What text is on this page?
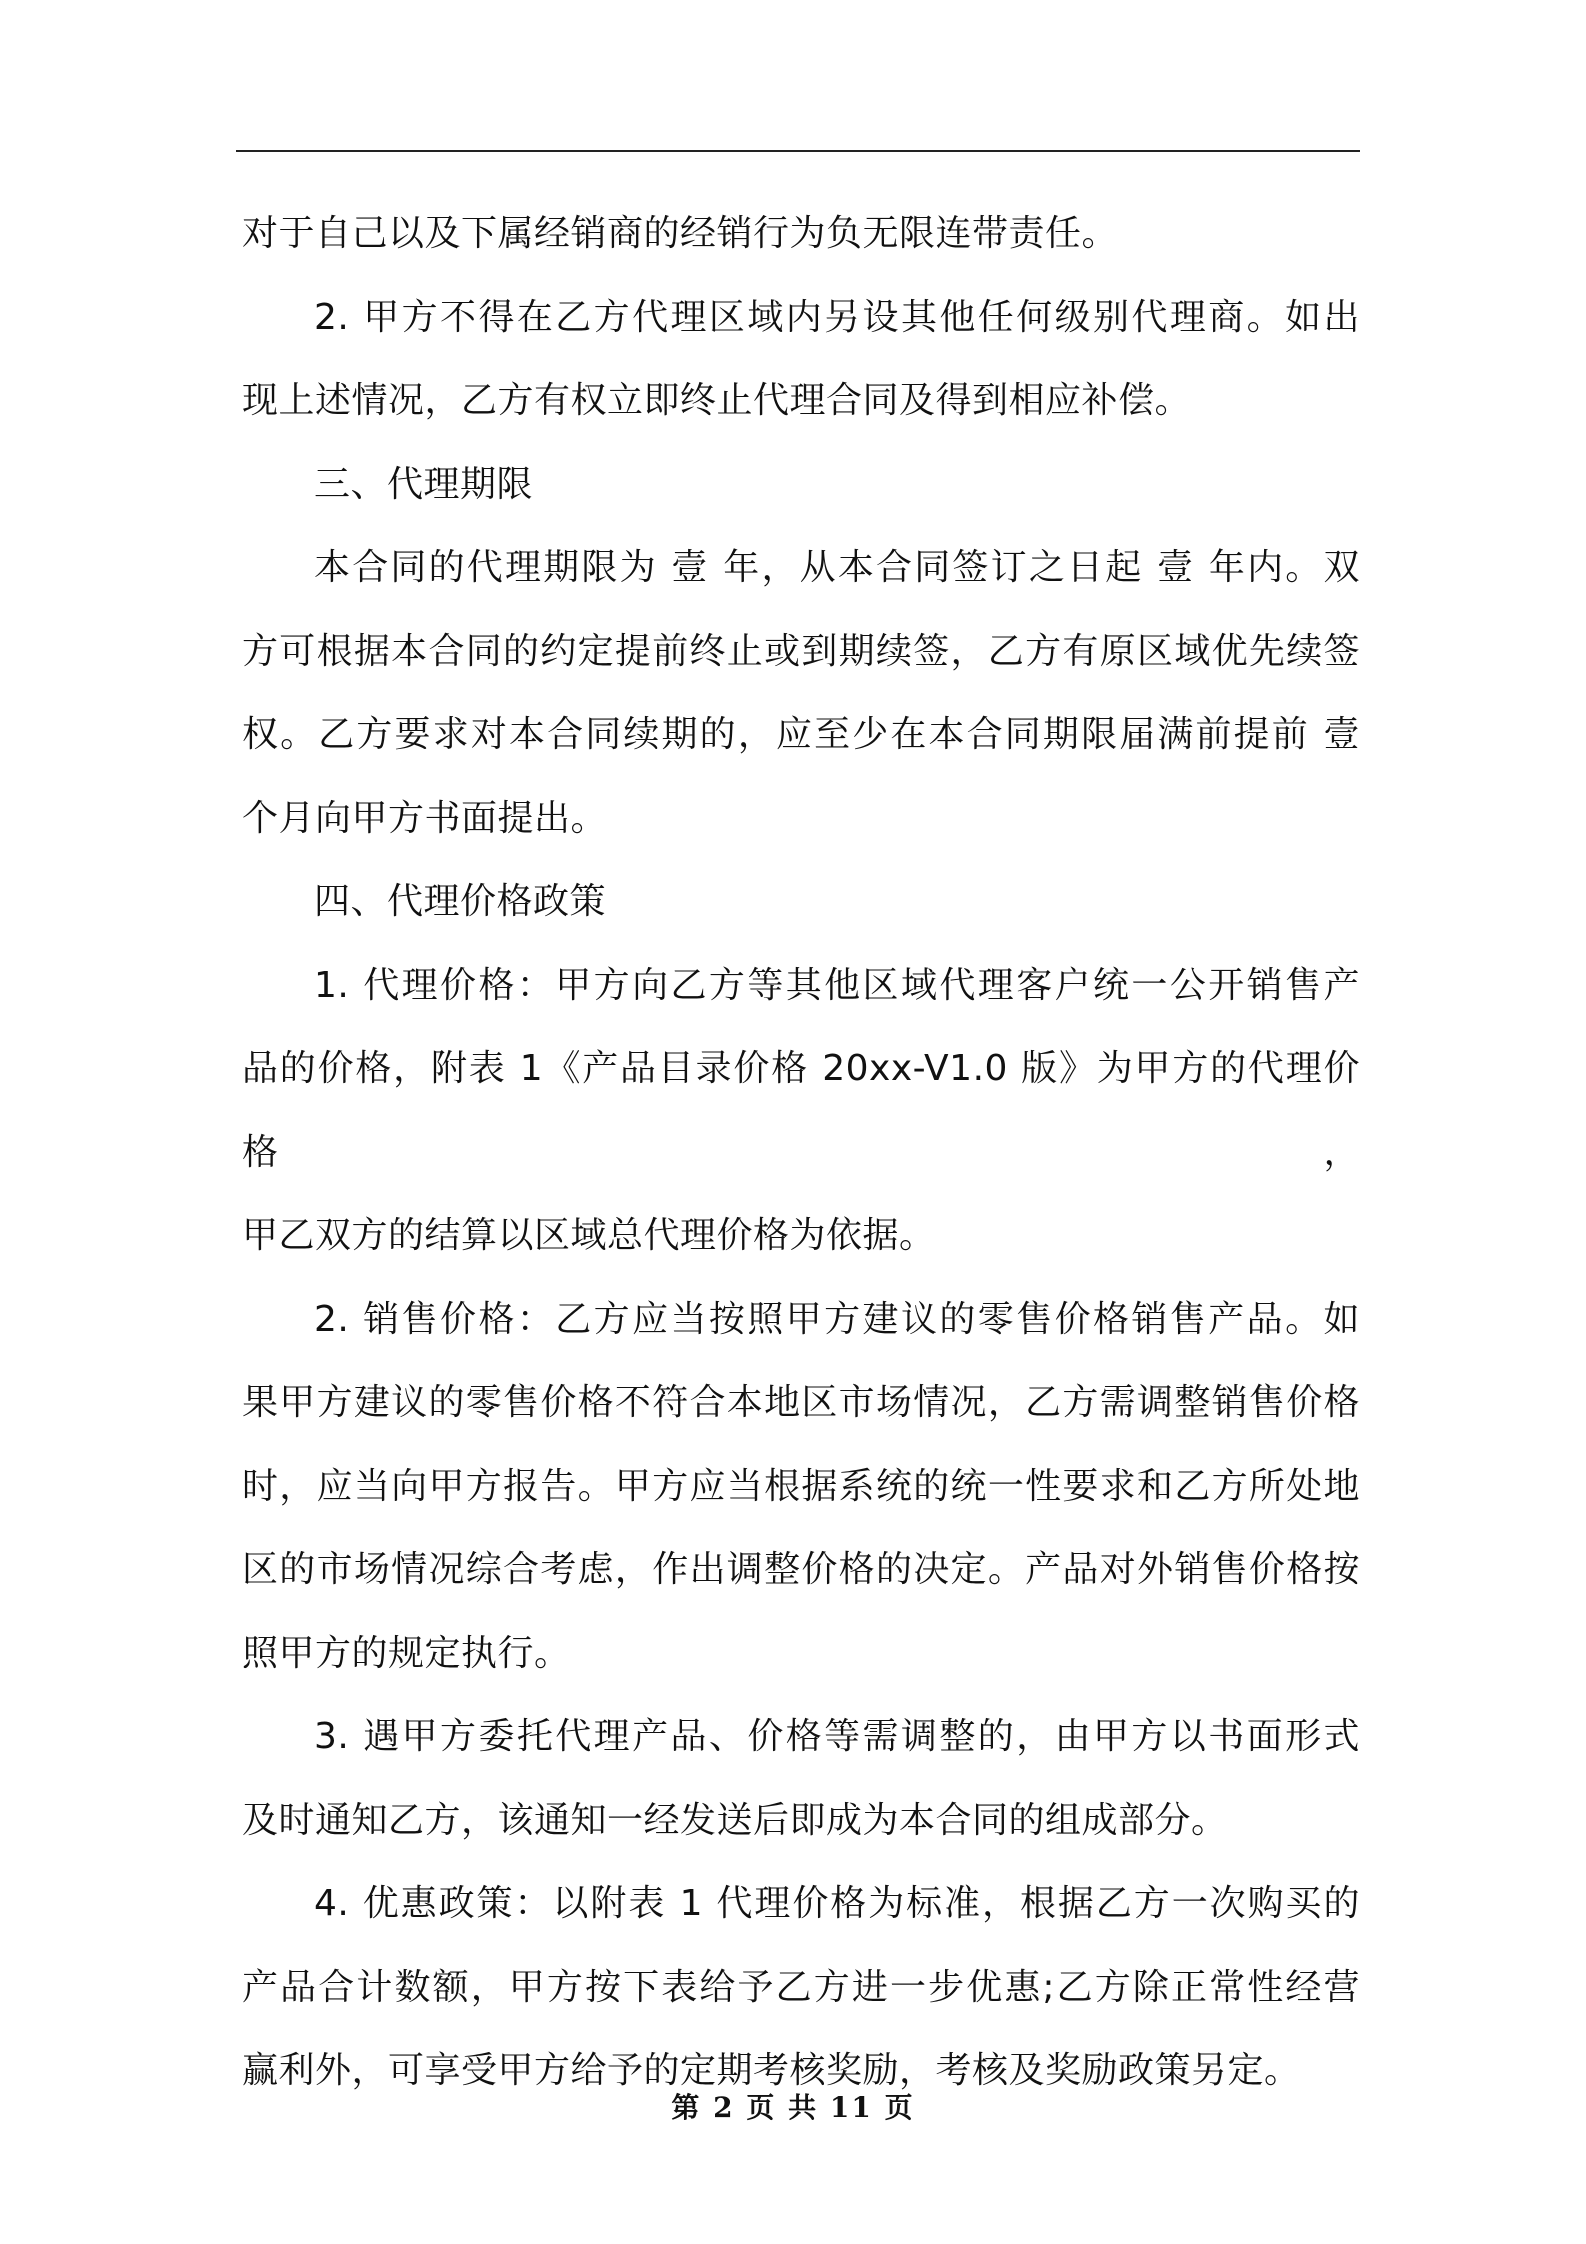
对于自己以及下属经销商的经销行为负无限连带责任。

2. 甲方不得在乙方代理区域内另设其他任何级别代理商。如出
现上述情况，乙方有权立即终止代理合同及得到相应补偿。

三、代理期限

本合同的代理期限为 壹 年，从本合同签订之日起 壹 年内。双
方可根据本合同的约定提前终止或到期续签，乙方有原区域优先续签
权。乙方要求对本合同续期的，应至少在本合同期限届满前提前 壹
个月向甲方书面提出。

四、代理价格政策

1. 代理价格：甲方向乙方等其他区域代理客户统一公开销售产
品的价格，附表 1《产品目录价格 20xx-V1.0 版》为甲方的代理价格，
甲乙双方的结算以区域总代理价格为依据。

2. 销售价格：乙方应当按照甲方建议的零售价格销售产品。如
果甲方建议的零售价格不符合本地区市场情况，乙方需调整销售价格
时，应当向甲方报告。甲方应当根据系统的统一性要求和乙方所处地
区的市场情况综合考虑，作出调整价格的决定。产品对外销售价格按
照甲方的规定执行。

3. 遇甲方委托代理产品、价格等需调整的，由甲方以书面形式
及时通知乙方，该通知一经发送后即成为本合同的组成部分。

4. 优惠政策：以附表 1 代理价格为标准，根据乙方一次购买的
产品合计数额，甲方按下表给予乙方进一步优惠;乙方除正常性经营
赢利外，可享受甲方给予的定期考核奖励，考核及奖励政策另定。

第 2 页 共 11 页
